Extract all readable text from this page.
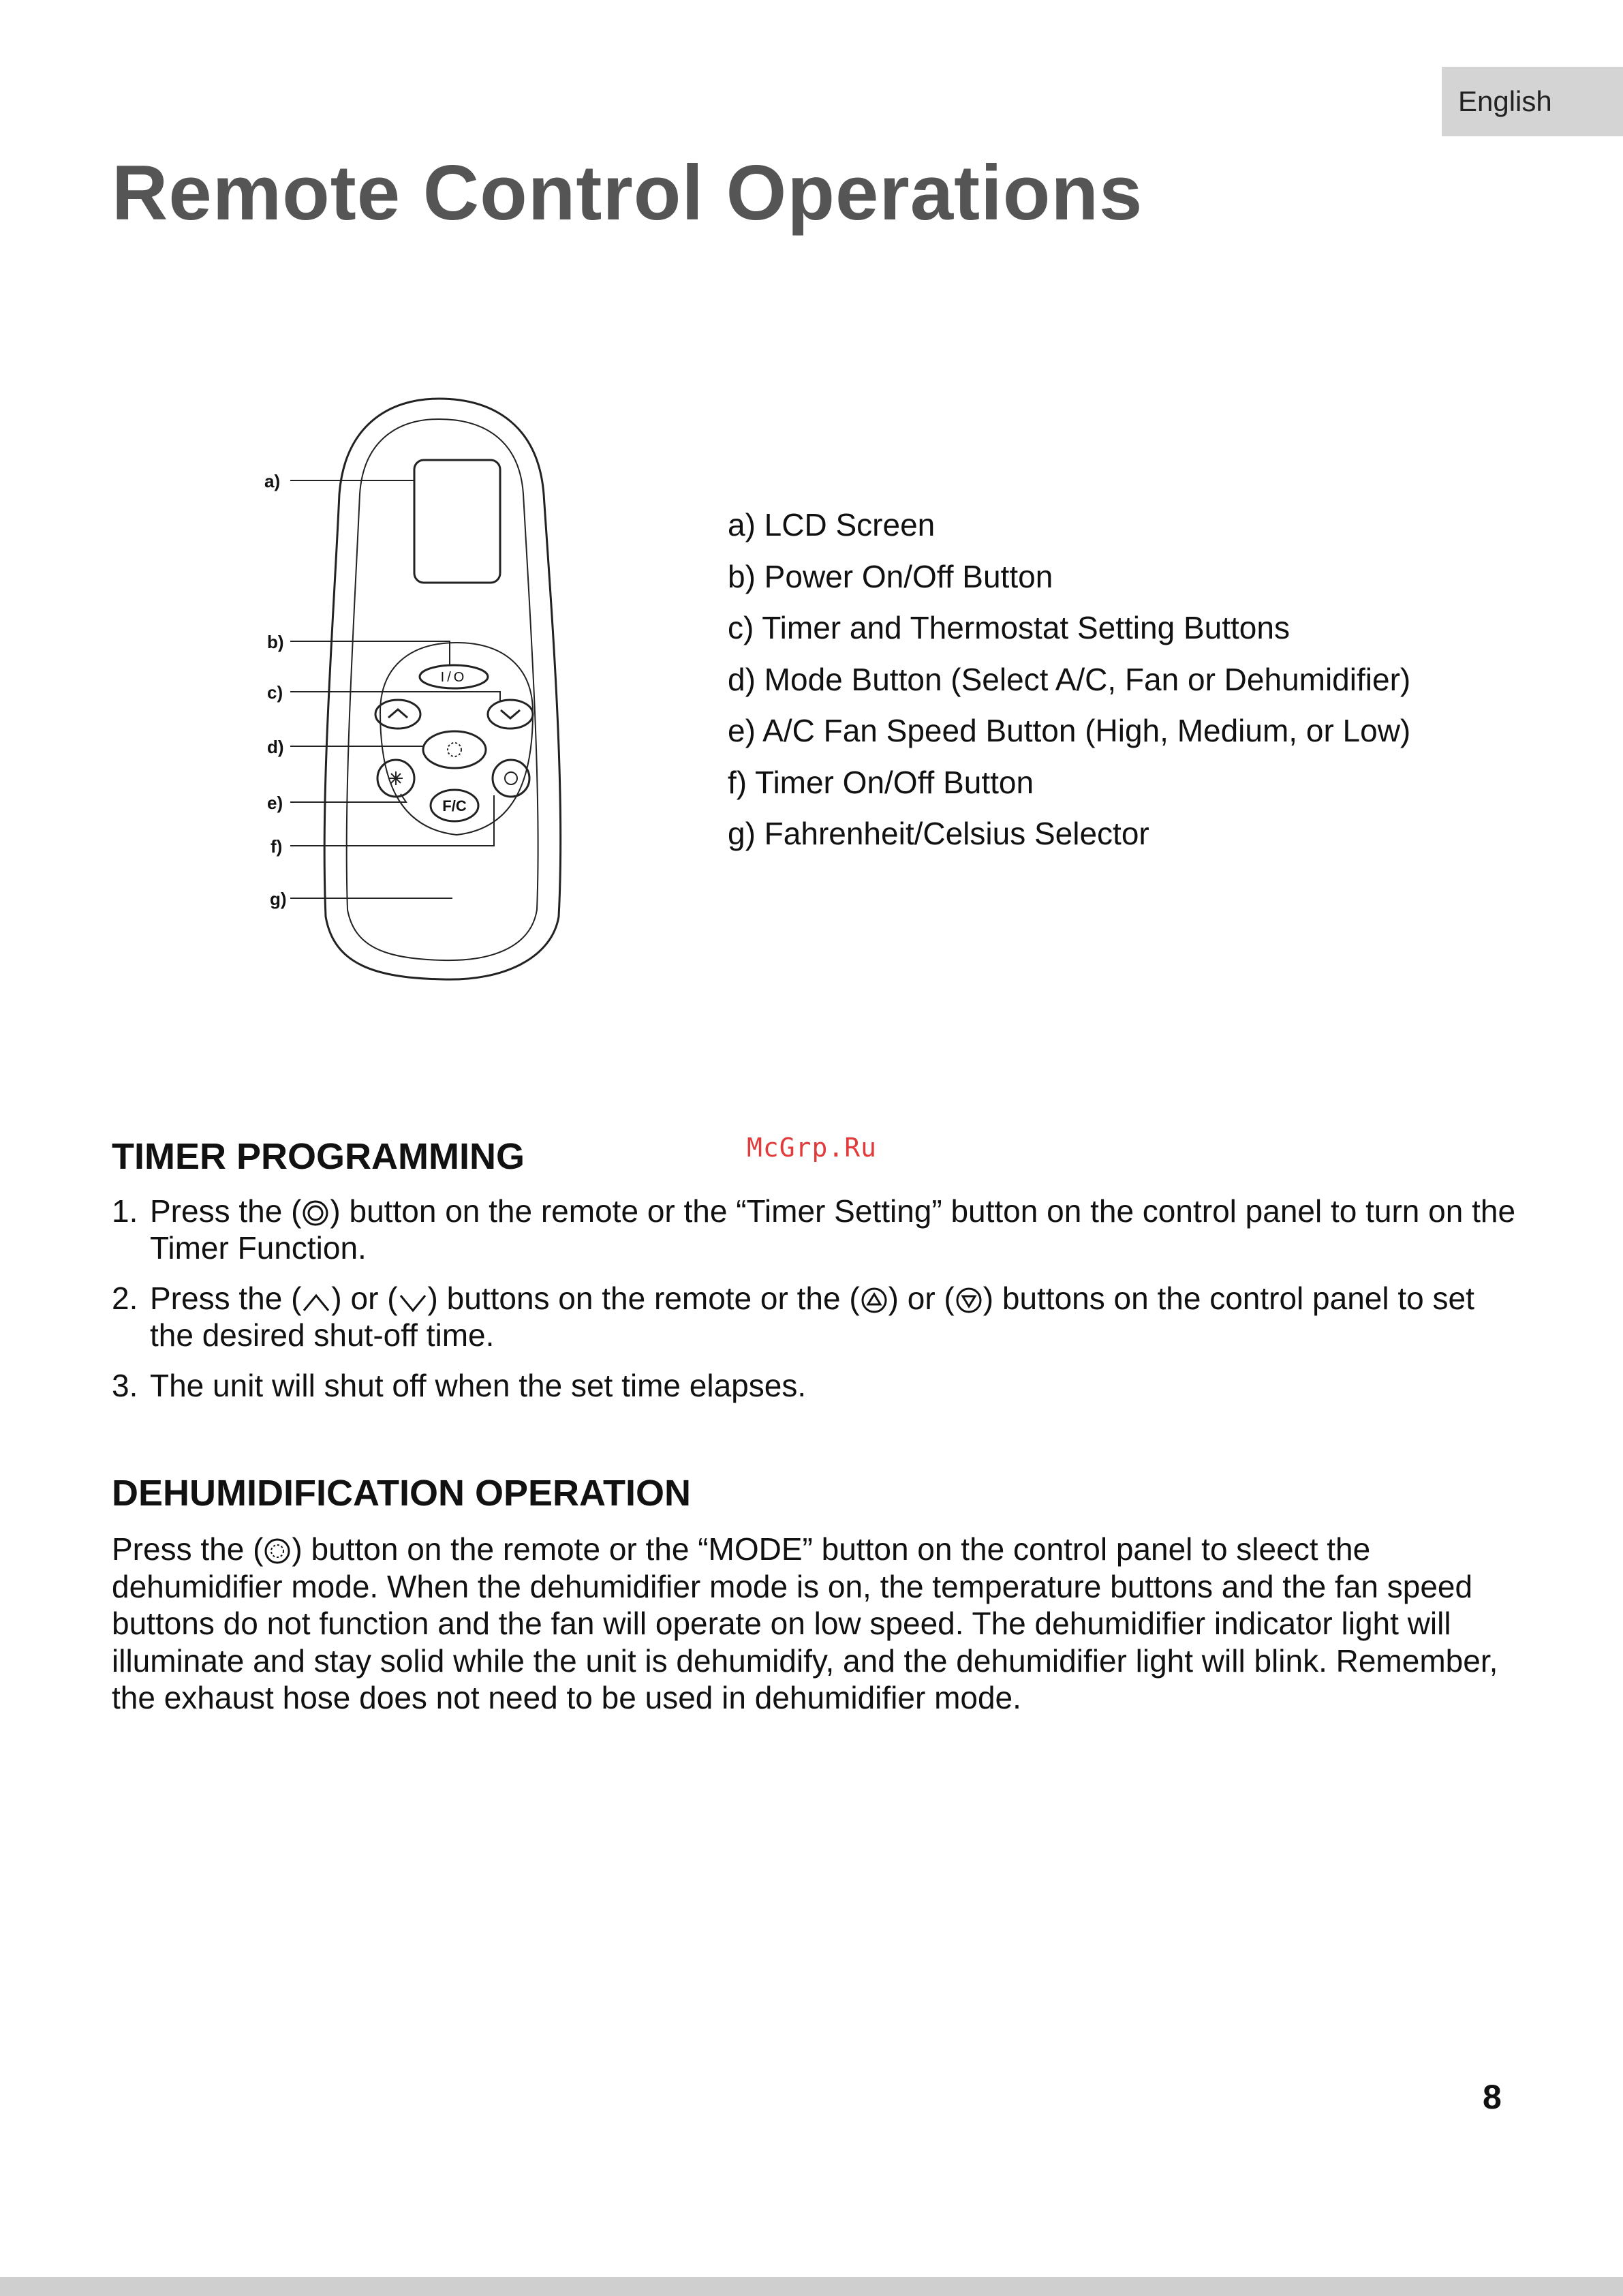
English
Remote Control Operations
a)
b)
c)
d)
e)
f)
g)
I/O
F/C
a) LCD Screen
b) Power On/Off Button
c) Timer and Thermostat Setting Buttons
d) Mode Button (Select A/C, Fan or Dehumidifier)
e) A/C Fan Speed Button (High, Medium, or Low)
f) Timer On/Off Button
g) Fahrenheit/Celsius Selector
McGrp.Ru
TIMER PROGRAMMING
1. Press the ( ) button on the remote or the “Timer Setting” button on the control panel to turn on the Timer Function.
2. Press the ( ) or ( ) buttons on the remote or the ( ) or ( ) buttons on the control panel to set the desired shut-off time.
3. The unit will shut off when the set time elapses.
DEHUMIDIFICATION OPERATION

Press the ( ) button on the remote or the “MODE” button on the control panel to sleect the dehumidifier mode. When the dehumidifier mode is on, the temperature buttons and the fan speed buttons do not function and the fan will operate on low speed. The dehumidifier indicator light will illuminate and stay solid while the unit is dehumidify, and the dehumidifier light will blink. Remember, the exhaust hose does not need to be used in dehumidifier mode.

8
